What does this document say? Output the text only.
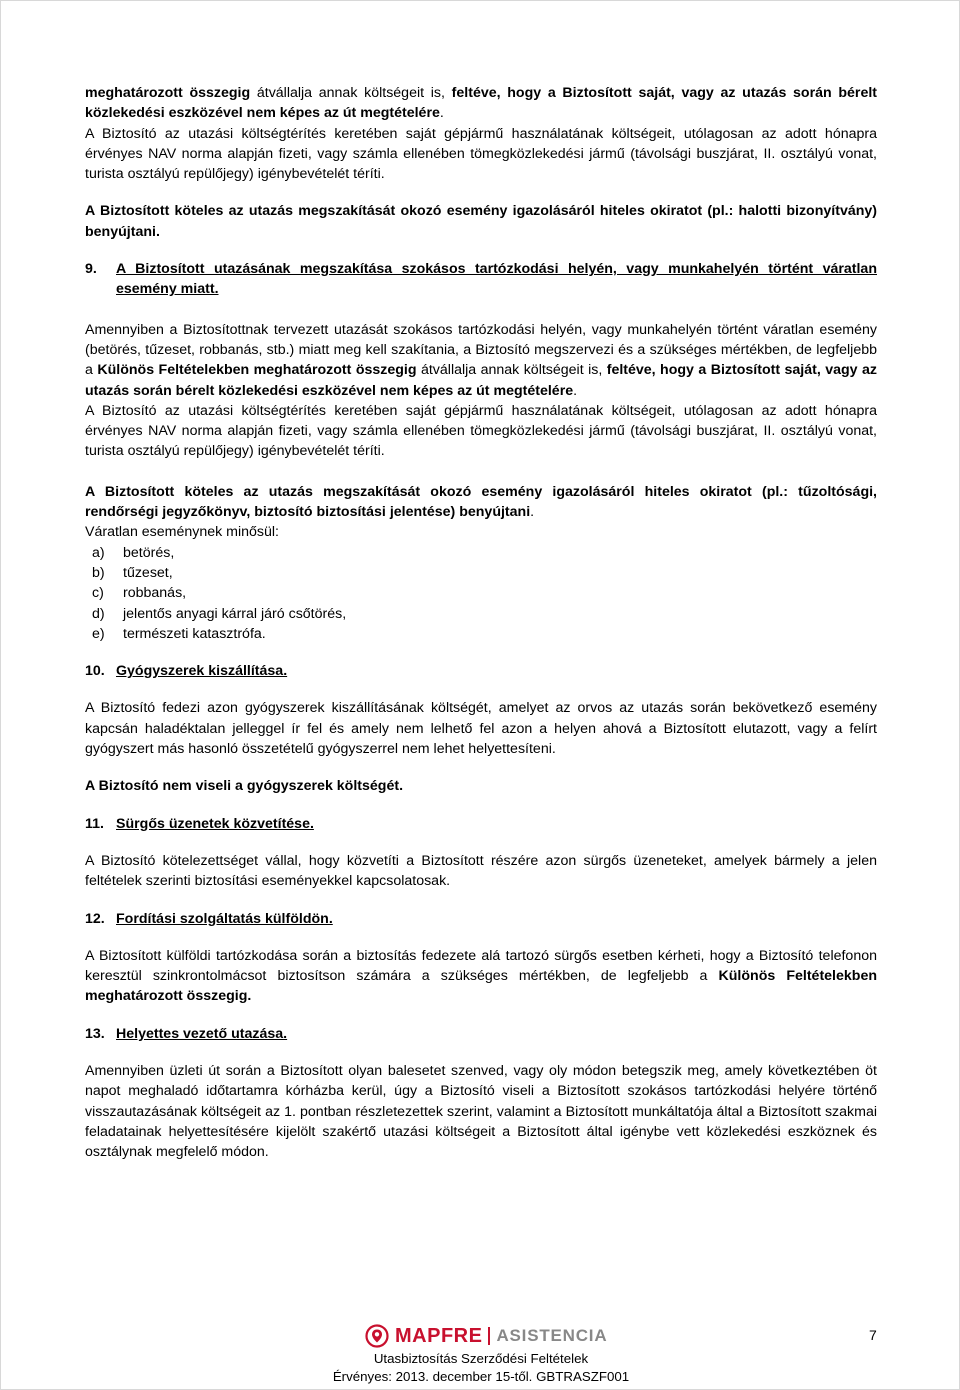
meghatározott összegig átvállalja annak költségeit is, feltéve, hogy a Biztosított saját, vagy az utazás során bérelt közlekedési eszközével nem képes az út megtételére.

A Biztosító az utazási költségtérítés keretében saját gépjármű használatának költségeit, utólagosan az adott hónapra érvényes NAV norma alapján fizeti, vagy számla ellenében tömegközlekedési jármű (távolsági buszjárat, II. osztályú vonat, turista osztályú repülőjegy) igénybevételét téríti.

A Biztosított köteles az utazás megszakítását okozó esemény igazolásáról hiteles okiratot (pl.: halotti bizonyítvány) benyújtani.

9.	A Biztosított utazásának megszakítása szokásos tartózkodási helyén, vagy munkahelyén történt váratlan esemény miatt.

Amennyiben a Biztosítottnak tervezett utazását szokásos tartózkodási helyén, vagy munkahelyén történt váratlan esemény (betörés, tűzeset, robbanás, stb.) miatt meg kell szakítania, a Biztosító megszervezi és a szükséges mértékben, de legfeljebb a Különös Feltételekben meghatározott összegig átvállalja annak költségeit is, feltéve, hogy a Biztosított saját, vagy az utazás során bérelt közlekedési eszközével nem képes az út megtételére.

A Biztosító az utazási költségtérítés keretében saját gépjármű használatának költségeit, utólagosan az adott hónapra érvényes NAV norma alapján fizeti, vagy számla ellenében tömegközlekedési jármű (távolsági buszjárat, II. osztályú vonat, turista osztályú repülőjegy) igénybevételét téríti.

A Biztosított köteles az utazás megszakítását okozó esemény igazolásáról hiteles okiratot (pl.: tűzoltósági, rendőrségi jegyzőkönyv, biztosító biztosítási jelentése) benyújtani.

Váratlan eseménynek minősül:

a)	betörés,
b)	tűzeset,
c)	robbanás,
d)	jelentős anyagi kárral járó csőtörés,
e)	természeti katasztrófa.
10. Gyógyszerek kiszállítása.

A Biztosító fedezi azon gyógyszerek kiszállításának költségét, amelyet az orvos az utazás során bekövetkező esemény kapcsán haladéktalan jelleggel ír fel és amely nem lelhető fel azon a helyen ahová a Biztosított elutazott, vagy a felírt gyógyszert más hasonló összetételű gyógyszerrel nem lehet helyettesíteni.

A Biztosító nem viseli a gyógyszerek költségét.

11. Sürgős üzenetek közvetítése.

A Biztosító kötelezettséget vállal, hogy közvetíti a Biztosított részére azon sürgős üzeneteket, amelyek bármely a jelen feltételek szerinti biztosítási eseményekkel kapcsolatosak.

12. Fordítási szolgáltatás külföldön.

A Biztosított külföldi tartózkodása során a biztosítás fedezete alá tartozó sürgős esetben kérheti, hogy a Biztosító telefonon keresztül szinkrontolmácsot biztosítson számára a szükséges mértékben, de legfeljebb a Különös Feltételekben meghatározott összegig.

13. Helyettes vezető utazása.

Amennyiben üzleti út során a Biztosított olyan balesetet szenved, vagy oly módon betegszik meg, amely következtében öt napot meghaladó időtartamra kórházba kerül, úgy a Biztosító viseli a Biztosított szokásos tartózkodási helyére történő visszautazásának költségeit az 1. pontban részletezettek szerint, valamint a Biztosított munkáltatója által a Biztosított szakmai feladatainak helyettesítésére kijelölt szakértő utazási költségeit a Biztosított által igénybe vett közlekedési eszköznek és osztálynak megfelelő módon.

MAPFRE ASISTENCIA
Utasbiztosítás Szerződési Feltételek
Érvényes: 2013. december 15-től. GBTRASZF001
7
